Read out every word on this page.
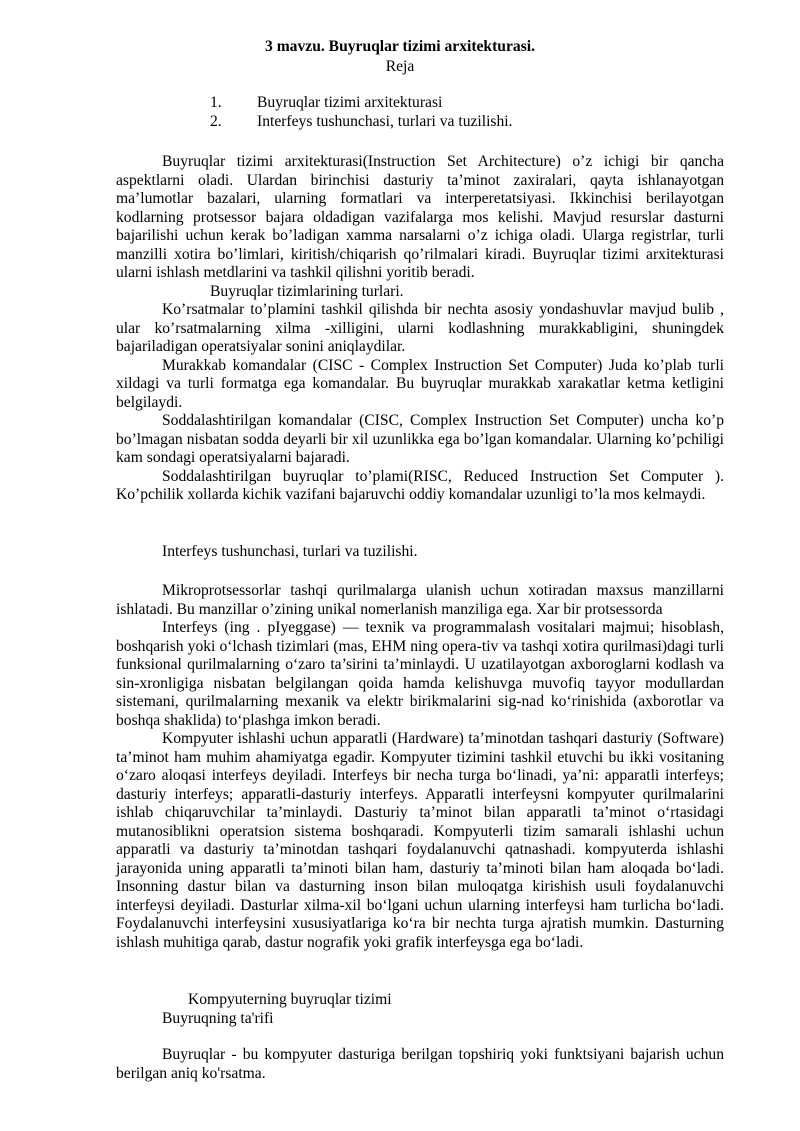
3 mavzu. Buyruqlar tizimi arxitekturasi.

Reja

1. Buyruqlar tizimi arxitekturasi
2. Interfeys tushunchasi, turlari va tuzilishi.

Buyruqlar tizimi arxitekturasi(Instruction Set Architecture) o’z ichigi bir qancha aspektlarni oladi. Ulardan birinchisi dasturiy ta’minot zaxiralari, qayta ishlanayotgan ma’lumotlar bazalari, ularning formatlari va interperetatsiyasi. Ikkinchisi berilayotgan kodlarning protsessor bajara oldadigan vazifalarga mos kelishi. Mavjud resurslar dasturni bajarilishi uchun kerak bo’ladigan xamma narsalarni o’z ichiga oladi. Ularga registrlar, turli manzilli xotira bo’limlari, kiritish/chiqarish qo’rilmalari kiradi. Buyruqlar tizimi arxitekturasi ularni ishlash metdlarini va tashkil qilishni yoritib beradi.

Buyruqlar tizimlarining turlari.

Ko’rsatmalar to’plamini tashkil qilishda bir nechta asosiy yondashuvlar mavjud bulib , ular ko’rsatmalarning xilma -xilligini, ularni kodlashning murakkabligini, shuningdek bajariladigan operatsiyalar sonini aniqlaydilar.

Murakkab komandalar (CISC - Complex Instruction Set Computer) Juda ko’plab turli xildagi va turli formatga ega komandalar. Bu buyruqlar murakkab xarakatlar ketma ketligini belgilaydi.

Soddalashtirilgan komandalar (CISC, Complex Instruction Set Computer) uncha ko’p bo’lmagan nisbatan sodda deyarli bir xil uzunlikka ega bo’lgan komandalar. Ularning ko’pchiligi kam sondagi operatsiyalarni bajaradi.

Soddalashtirilgan buyruqlar to’plami(RISC, Reduced Instruction Set Computer ). Ko’pchilik xollarda kichik vazifani bajaruvchi oddiy komandalar uzunligi to’la mos kelmaydi.

Interfeys tushunchasi, turlari va tuzilishi.

Mikroprotsessorlar tashqi qurilmalarga ulanish uchun xotiradan maxsus manzillarni ishlatadi. Bu manzillar o’zining unikal nomerlanish manziliga ega. Xar bir protsessorda

Interfeys (ing . pIyeggase) — texnik va programmalash vositalari majmui; hisoblash, boshqarish yoki o‘lchash tizimlari (mas, EHM ning opera-tiv va tashqi xotira qurilmasi)dagi turli funksional qurilmalarning o‘zaro ta’sirini ta’minlaydi. U uzatilayotgan axboroglarni kodlash va sin-xronligiga nisbatan belgilangan qoida hamda kelishuvga muvofiq tayyor modullardan sistemani, qurilmalarning mexanik va elektr birikmalarini sig-nad ko‘rinishida (axborotlar va boshqa shaklida) to‘plashga imkon beradi.

Kompyuter ishlashi uchun apparatli (Hardware) ta’minotdan tashqari dasturiy (Software) ta’minot ham muhim ahamiyatga egadir. Kompyuter tizimini tashkil etuvchi bu ikki vositaning o‘zaro aloqasi interfeys deyiladi. Interfeys bir necha turga bo‘linadi, ya’ni: apparatli interfeys; dasturiy interfeys; apparatli-dasturiy interfeys. Apparatli interfeysni kompyuter qurilmalarini ishlab chiqaruvchilar ta’minlaydi. Dasturiy ta’minot bilan apparatli ta’minot o‘rtasidagi mutanosiblikni operatsion sistema boshqaradi. Kompyuterli tizim samarali ishlashi uchun apparatli va dasturiy ta’minotdan tashqari foydalanuvchi qatnashadi. kompyuterda ishlashi jarayonida uning apparatli ta’minoti bilan ham, dasturiy ta’minoti bilan ham aloqada bo‘ladi. Insonning dastur bilan va dasturning inson bilan muloqatga kirishish usuli foydalanuvchi interfeysi deyiladi. Dasturlar xilma-xil bo‘lgani uchun ularning interfeysi ham turlicha bo‘ladi. Foydalanuvchi interfeysini xususiyatlariga ko‘ra bir nechta turga ajratish mumkin. Dasturning ishlash muhitiga qarab, dastur nografik yoki grafik interfeysga ega bo‘ladi.

Kompyuterning buyruqlar tizimi

Buyruqning ta'rifi

Buyruqlar - bu kompyuter dasturiga berilgan topshiriq yoki funktsiyani bajarish uchun berilgan aniq ko'rsatma.
